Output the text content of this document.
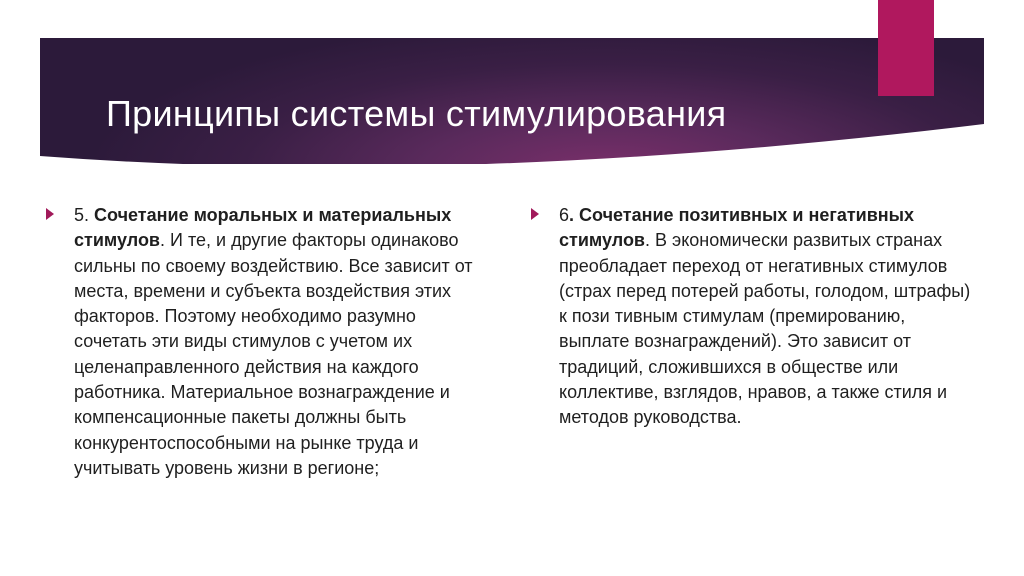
Принципы системы стимулирования
5. Сочетание моральных и материальных стимулов. И те, и другие факторы одинаково сильны по своему воздействию. Все зависит от места, времени и субъекта воздействия этих факторов. Поэтому необходимо разумно сочетать эти виды стимулов с учетом их целенаправленного действия на каждого работника. Материальное вознаграждение и компенсационные пакеты должны быть конкурентоспособными на рынке труда и учитывать уровень жизни в регионе;
6. Сочетание позитивных и негативных стимулов. В экономически развитых странах преобладает переход от негативных стимулов (страх перед потерей работы, голодом, штрафы) к пози тивным стимулам (премированию, выплате вознаграждений). Это зависит от традиций, сложившихся в обществе или коллективе, взглядов, нравов, а также стиля и методов руководства.
